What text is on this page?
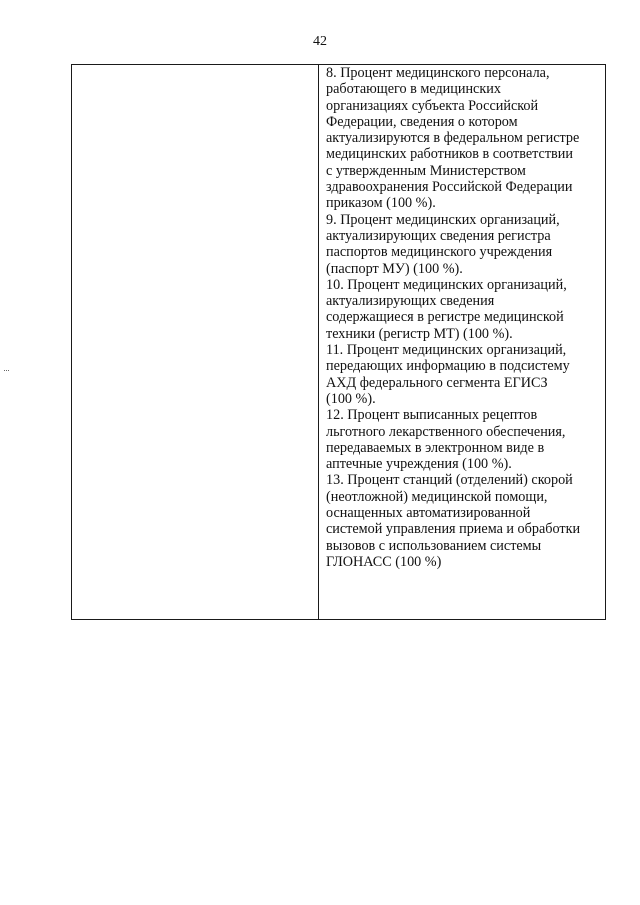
42

8. Процент медицинского персонала,
работающего в медицинских
организациях субъекта Российской
Федерации, сведения о котором
актуализируются в федеральном регистре
медицинских работников в соответствии
с утвержденным Министерством
здравоохранения Российской Федерации
приказом (100 %).

9. Процент медицинских организаций,
актуализирующих сведения регистра
паспортов медицинского учреждения
(паспорт МУ) (100 %).

10. Процент медицинских организаций,
актуализирующих сведения
содержащиеся в регистре медицинской
техники (регистр МТ) (100 %).

11. Процент медицинских организаций,
передающих информацию в подсистему
АХД федерального сегмента ЕГИСЗ
(100 %).

12. Процент выписанных рецептов
льготного лекарственного обеспечения,
передаваемых в электронном виде в
аптечные учреждения (100 %).

13. Процент станций (отделений) скорой
(неотложной) медицинской помощи,
оснащенных автоматизированной
системой управления приема и обработки
вызовов с использованием системы
ГЛОНАСС (100 %)
